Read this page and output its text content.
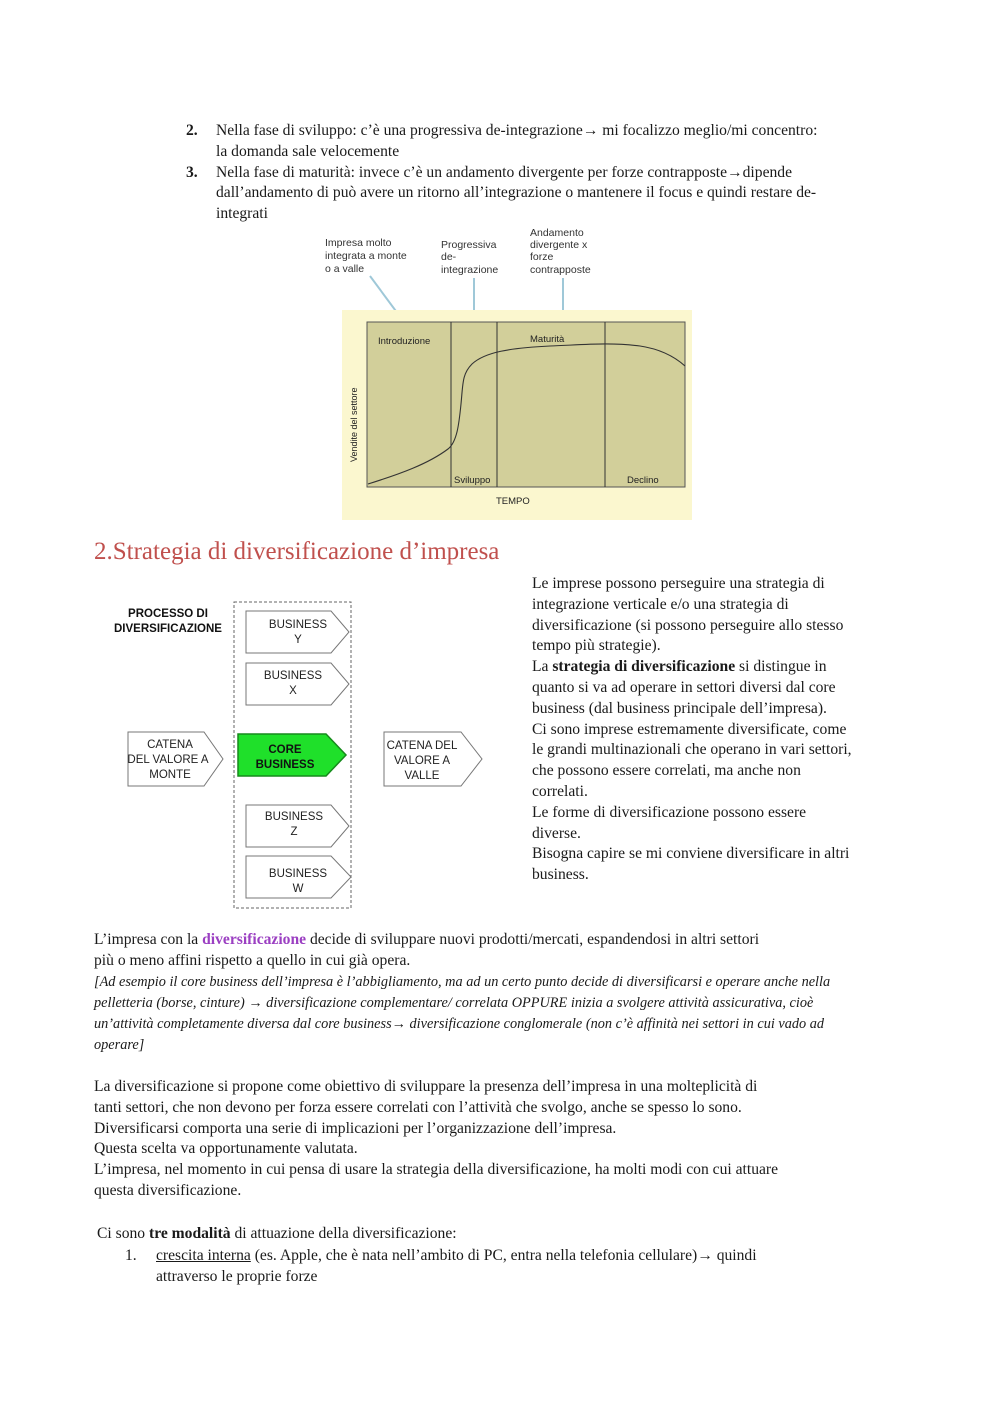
2. Nella fase di sviluppo: c’è una progressiva de-integrazione→ mi focalizzo meglio/mi concentro:
la domanda sale velocemente
3. Nella fase di maturità: invece c’è un andamento divergente per forze contrapposte→dipende
dall’andamento di può avere un ritorno all’integrazione o mantenere il focus e quindi restare de-
integrati
Impresa molto
integrata a monte
o a valle
Progressiva
de-
integrazione
Andamento
divergente x
forze
contrapposte
Introduzione	Maturità
Sviluppo	Declino
Vendite del settore
TEMPO
2.Strategia di diversificazione d’impresa
PROCESSO DI
DIVERSIFICAZIONE	BUSINESS
Y
BUSINESS
X
CORE
BUSINESS
BUSINESS
Z
BUSINESS
W
CATENA
DEL VALORE A
MONTE
CATENA DEL
VALORE A
VALLE
Le imprese possono perseguire una strategia di
integrazione verticale e/o una strategia di
diversificazione (si possono perseguire allo stesso
tempo più strategie).
La strategia di diversificazione si distingue in
quanto si va ad operare in settori diversi dal core
business (dal business principale dell’impresa).
Ci sono imprese estremamente diversificate, come
le grandi multinazionali che operano in vari settori,
che possono essere correlati, ma anche non
correlati.
Le forme di diversificazione possono essere
diverse.
Bisogna capire se mi conviene diversificare in altri
business.
L’impresa con la diversificazione decide di sviluppare nuovi prodotti/mercati, espandendosi in altri settori
più o meno affini rispetto a quello in cui già opera.
[Ad esempio il core business dell’impresa è l’abbigliamento, ma ad un certo punto decide di diversificarsi e operare anche nella
pelletteria (borse, cinture) → diversificazione complementare/ correlata OPPURE inizia a svolgere attività assicurativa, cioè
un’attività completamente diversa dal core business→ diversificazione conglomerale (non c’è affinità nei settori in cui vado ad
operare]
La diversificazione si propone come obiettivo di sviluppare la presenza dell’impresa in una molteplicità di
tanti settori, che non devono per forza essere correlati con l’attività che svolgo, anche se spesso lo sono.
Diversificarsi comporta una serie di implicazioni per l’organizzazione dell’impresa.
Questa scelta va opportunamente valutata.
L’impresa, nel momento in cui pensa di usare la strategia della diversificazione, ha molti modi con cui attuare
questa diversificazione.
Ci sono tre modalità di attuazione della diversificazione:
1. crescita interna (es. Apple, che è nata nell’ambito di PC, entra nella telefonia cellulare)→ quindi
attraverso le proprie forze
